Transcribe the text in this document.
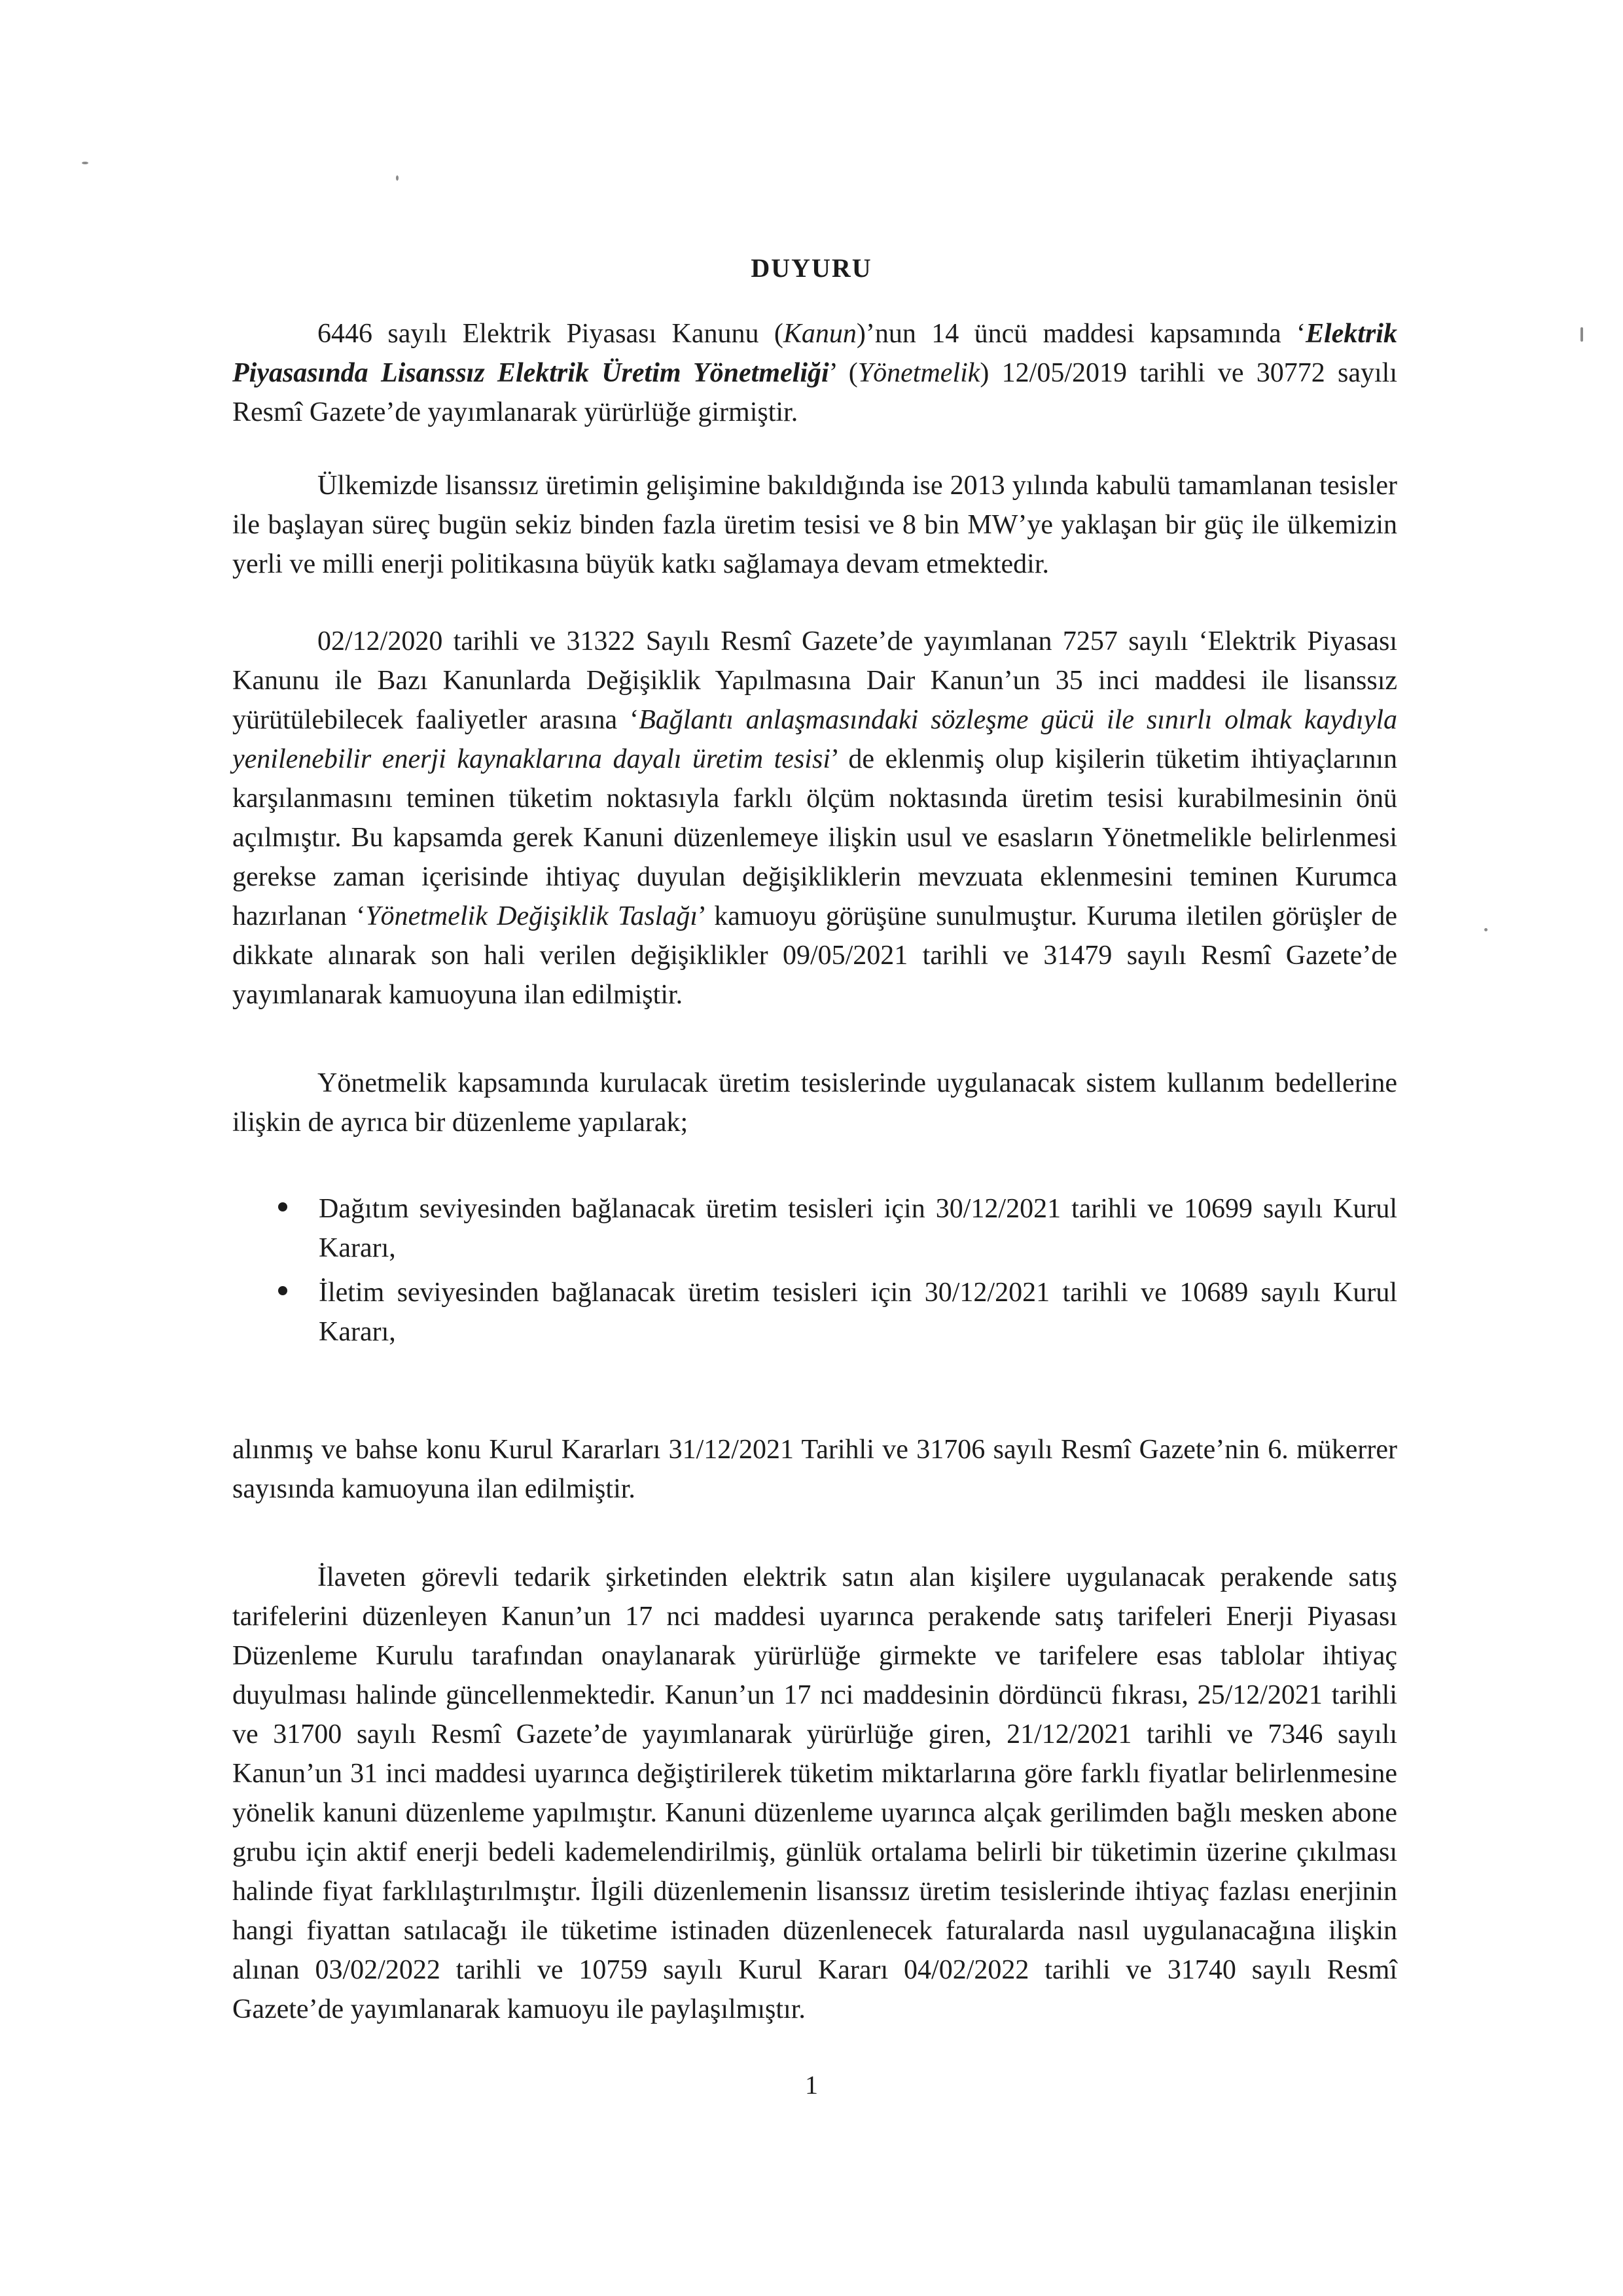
DUYURU

6446 sayılı Elektrik Piyasası Kanunu (Kanun)’nun 14 üncü maddesi kapsamında ‘Elektrik Piyasasında Lisanssız Elektrik Üretim Yönetmeliği’ (Yönetmelik) 12/05/2019 tarihli ve 30772 sayılı Resmî Gazete’de yayımlanarak yürürlüğe girmiştir.

Ülkemizde lisanssız üretimin gelişimine bakıldığında ise 2013 yılında kabulü tamamlanan tesisler ile başlayan süreç bugün sekiz binden fazla üretim tesisi ve 8 bin MW’ye yaklaşan bir güç ile ülkemizin yerli ve milli enerji politikasına büyük katkı sağlamaya devam etmektedir.

02/12/2020 tarihli ve 31322 Sayılı Resmî Gazete’de yayımlanan 7257 sayılı ‘Elektrik Piyasası Kanunu ile Bazı Kanunlarda Değişiklik Yapılmasına Dair Kanun’un 35 inci maddesi ile lisanssız yürütülebilecek faaliyetler arasına ‘Bağlantı anlaşmasındaki sözleşme gücü ile sınırlı olmak kaydıyla yenilenebilir enerji kaynaklarına dayalı üretim tesisi’ de eklenmiş olup kişilerin tüketim ihtiyaçlarının karşılanmasını teminen tüketim noktasıyla farklı ölçüm noktasında üretim tesisi kurabilmesinin önü açılmıştır. Bu kapsamda gerek Kanuni düzenlemeye ilişkin usul ve esasların Yönetmelikle belirlenmesi gerekse zaman içerisinde ihtiyaç duyulan değişikliklerin mevzuata eklenmesini teminen Kurumca hazırlanan ‘Yönetmelik Değişiklik Taslağı’ kamuoyu görüşüne sunulmuştur. Kuruma iletilen görüşler de dikkate alınarak son hali verilen değişiklikler 09/05/2021 tarihli ve 31479 sayılı Resmî Gazete’de yayımlanarak kamuoyuna ilan edilmiştir.

Yönetmelik kapsamında kurulacak üretim tesislerinde uygulanacak sistem kullanım bedellerine ilişkin de ayrıca bir düzenleme yapılarak;

Dağıtım seviyesinden bağlanacak üretim tesisleri için 30/12/2021 tarihli ve 10699 sayılı Kurul Kararı,
İletim seviyesinden bağlanacak üretim tesisleri için 30/12/2021 tarihli ve 10689 sayılı Kurul Kararı,

alınmış ve bahse konu Kurul Kararları 31/12/2021 Tarihli ve 31706 sayılı Resmî Gazete’nin 6. mükerrer sayısında kamuoyuna ilan edilmiştir.

İlaveten görevli tedarik şirketinden elektrik satın alan kişilere uygulanacak perakende satış tarifelerini düzenleyen Kanun’un 17 nci maddesi uyarınca perakende satış tarifeleri Enerji Piyasası Düzenleme Kurulu tarafından onaylanarak yürürlüğe girmekte ve tarifelere esas tablolar ihtiyaç duyulması halinde güncellenmektedir. Kanun’un 17 nci maddesinin dördüncü fıkrası, 25/12/2021 tarihli ve 31700 sayılı Resmî Gazete’de yayımlanarak yürürlüğe giren, 21/12/2021 tarihli ve 7346 sayılı Kanun’un 31 inci maddesi uyarınca değiştirilerek tüketim miktarlarına göre farklı fiyatlar belirlenmesine yönelik kanuni düzenleme yapılmıştır. Kanuni düzenleme uyarınca alçak gerilimden bağlı mesken abone grubu için aktif enerji bedeli kademelendirilmiş, günlük ortalama belirli bir tüketimin üzerine çıkılması halinde fiyat farklılaştırılmıştır. İlgili düzenlemenin lisanssız üretim tesislerinde ihtiyaç fazlası enerjinin hangi fiyattan satılacağı ile tüketime istinaden düzenlenecek faturalarda nasıl uygulanacağına ilişkin alınan 03/02/2022 tarihli ve 10759 sayılı Kurul Kararı 04/02/2022 tarihli ve 31740 sayılı Resmî Gazete’de yayımlanarak kamuoyu ile paylaşılmıştır.

1
